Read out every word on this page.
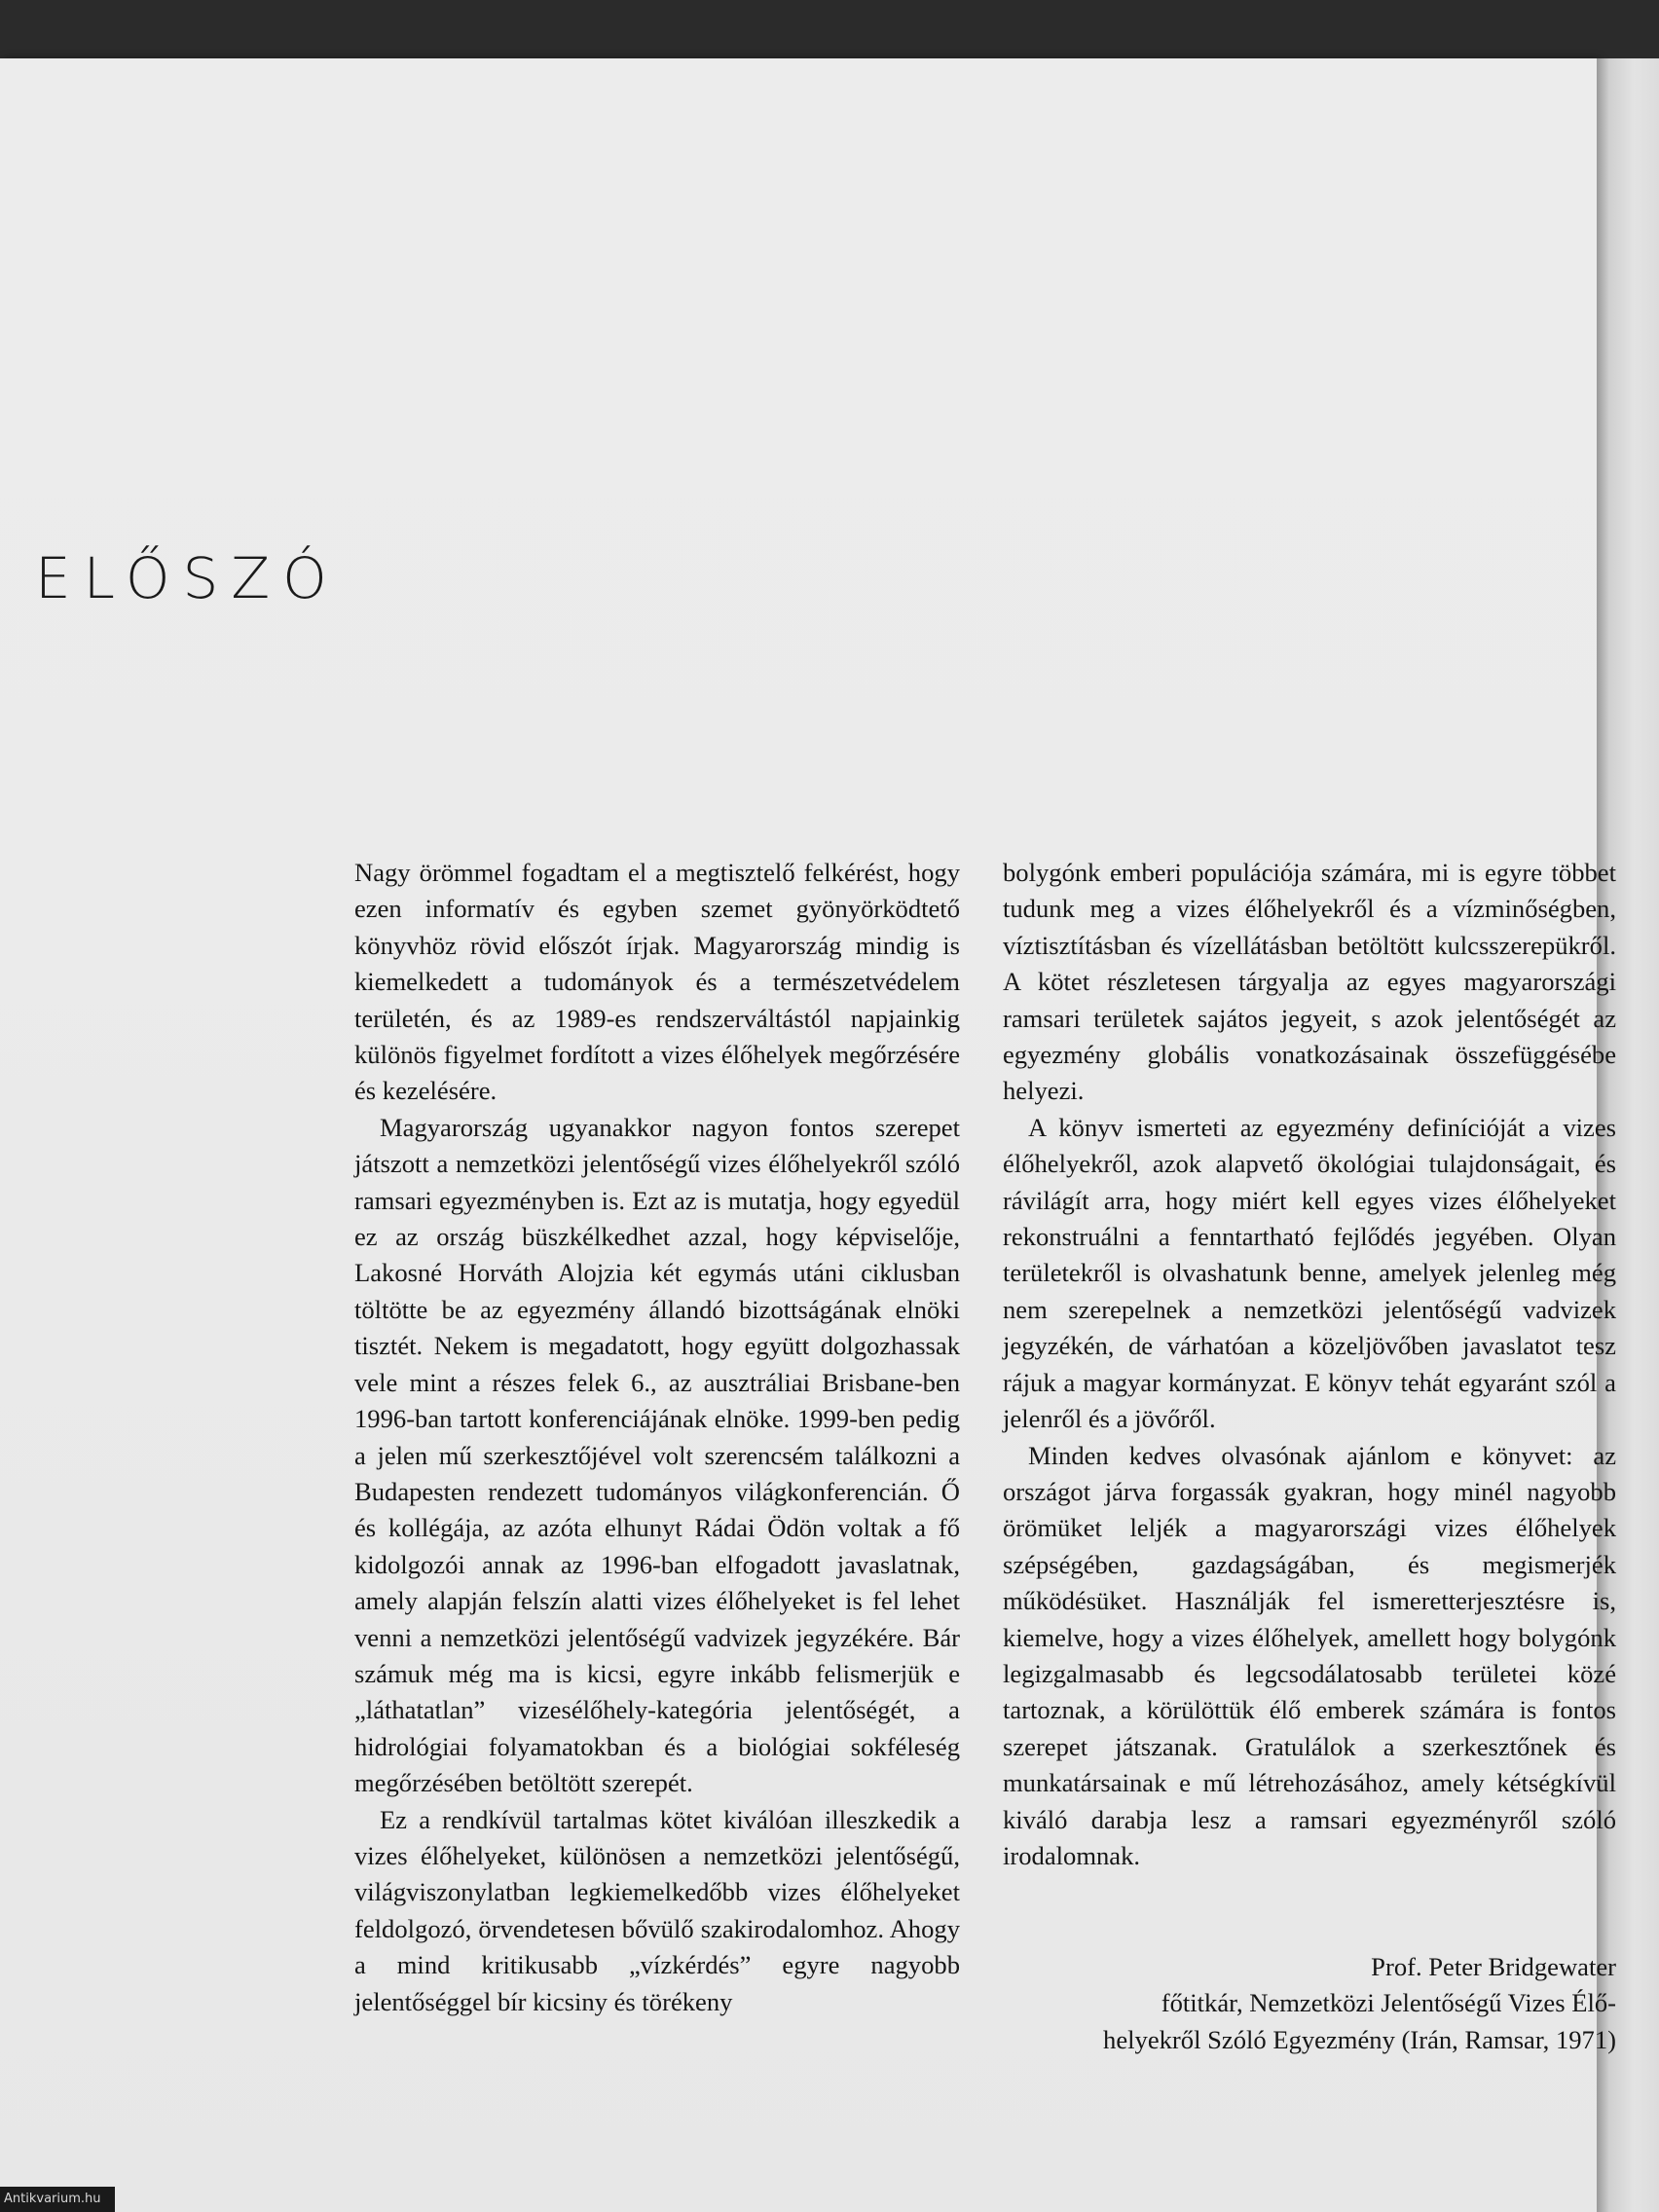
ELŐSZÓ

Nagy örömmel fogadtam el a megtisztelő felkérést, hogy ezen informatív és egyben szemet gyönyörködtető könyvhöz rövid előszót írjak. Magyarország mindig is kiemelkedett a tudományok és a természetvédelem területén, és az 1989-es rendszerváltástól napjainkig különös figyelmet fordított a vizes élőhelyek megőrzésére és kezelésére.

Magyarország ugyanakkor nagyon fontos szerepet játszott a nemzetközi jelentőségű vizes élőhelyekről szóló ramsari egyezményben is. Ezt az is mutatja, hogy egyedül ez az ország büszkélkedhet azzal, hogy képviselője, Lakosné Horváth Alojzia két egymás utáni ciklusban töltötte be az egyezmény állandó bizottságának elnöki tisztét. Nekem is megadatott, hogy együtt dolgozhassak vele mint a részes felek 6., az ausztráliai Brisbane-ben 1996-ban tartott konferenciájának elnöke. 1999-ben pedig a jelen mű szerkesztőjével volt szerencsém találkozni a Budapesten rendezett tudományos világkonferencián. Ő és kollégája, az azóta elhunyt Rádai Ödön voltak a fő kidolgozói annak az 1996-ban elfogadott javaslatnak, amely alapján felszín alatti vizes élőhelyeket is fel lehet venni a nemzetközi jelentőségű vadvizek jegyzékére. Bár számuk még ma is kicsi, egyre inkább felismerjük e „láthatatlan” vizesélőhely-kategória jelentőségét, a hidrológiai folyamatokban és a biológiai sokféleség megőrzésében betöltött szerepét.

Ez a rendkívül tartalmas kötet kiválóan illeszkedik a vizes élőhelyeket, különösen a nemzetközi jelentőségű, világviszonylatban legkiemelkedőbb vizes élőhelyeket feldolgozó, örvendetesen bővülő szakirodalomhoz. Ahogy a mind kritikusabb „vízkérdés” egyre nagyobb jelentőséggel bír kicsiny és törékeny

bolygónk emberi populációja számára, mi is egyre többet tudunk meg a vizes élőhelyekről és a vízminőségben, víztisztításban és vízellátásban betöltött kulcsszerepükről. A kötet részletesen tárgyalja az egyes magyarországi ramsari területek sajátos jegyeit, s azok jelentőségét az egyezmény globális vonatkozásainak összefüggésébe helyezi.

A könyv ismerteti az egyezmény definícióját a vizes élőhelyekről, azok alapvető ökológiai tulajdonságait, és rávilágít arra, hogy miért kell egyes vizes élőhelyeket rekonstruálni a fenntartható fejlődés jegyében. Olyan területekről is olvashatunk benne, amelyek jelenleg még nem szerepelnek a nemzetközi jelentőségű vadvizek jegyzékén, de várhatóan a közeljövőben javaslatot tesz rájuk a magyar kormányzat. E könyv tehát egyaránt szól a jelenről és a jövőről.

Minden kedves olvasónak ajánlom e könyvet: az országot járva forgassák gyakran, hogy minél nagyobb örömüket leljék a magyarországi vizes élőhelyek szépségében, gazdagságában, és megismerjék működésüket. Használják fel ismeretterjesztésre is, kiemelve, hogy a vizes élőhelyek, amellett hogy bolygónk legizgalmasabb és legcsodálatosabb területei közé tartoznak, a körülöttük élő emberek számára is fontos szerepet játszanak. Gratulálok a szerkesztőnek és munkatársainak e mű létrehozásához, amely kétségkívül kiváló darabja lesz a ramsari egyezményről szóló irodalomnak.

Prof. Peter Bridgewater
főtitkár, Nemzetközi Jelentőségű Vizes Élő-
helyekről Szóló Egyezmény (Irán, Ramsar, 1971)
Antikvarium.hu
